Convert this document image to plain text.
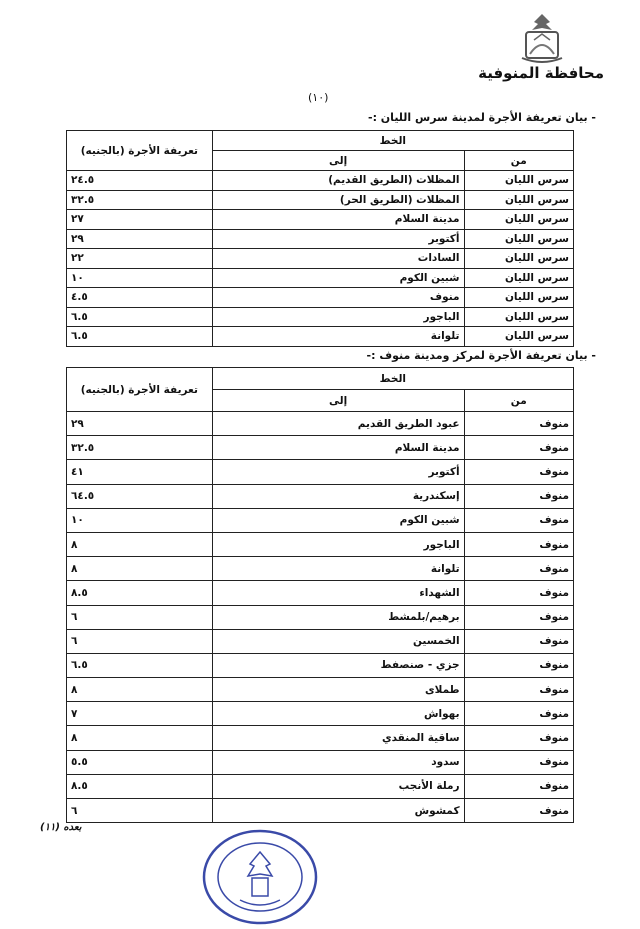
محافظة المنوفية
(١٠)
- بيان تعريفة الأجرة لمدينة سرس الليان :-
الخط		تعريفة الأجرة (بالجنيه)
من	إلى	
سرس الليان	المظلات (الطريق القديم)	٢٤.٥
سرس الليان	المظلات (الطريق الحر)	٣٢.٥
سرس الليان	مدينة السلام	٢٧
سرس الليان	أكتوبر	٢٩
سرس الليان	السادات	٢٢
سرس الليان	شبين الكوم	١٠
سرس الليان	منوف	٤.٥
سرس الليان	الباجور	٦.٥
سرس الليان	تلوانة	٦.٥
- بيان تعريفة الأجرة لمركز ومدينة منوف :-
الخط		تعريفة الأجرة (بالجنيه)
من	إلى	
منوف	عبود الطريق القديم	٢٩
منوف	مدينة السلام	٣٢.٥
منوف	أكتوبر	٤١
منوف	إسكندرية	٦٤.٥
منوف	شبين الكوم	١٠
منوف	الباجور	٨
منوف	تلوانة	٨
منوف	الشهداء	٨.٥
منوف	برهيم/بلمشط	٦
منوف	الخمسين	٦
منوف	جزي - صنصفط	٦.٥
منوف	طملاى	٨
منوف	بهواش	٧
منوف	ساقية المنقدي	٨
منوف	سدود	٥.٥
منوف	رملة الأنجب	٨.٥
منوف	كمشوش	٦
بعده (١١)
